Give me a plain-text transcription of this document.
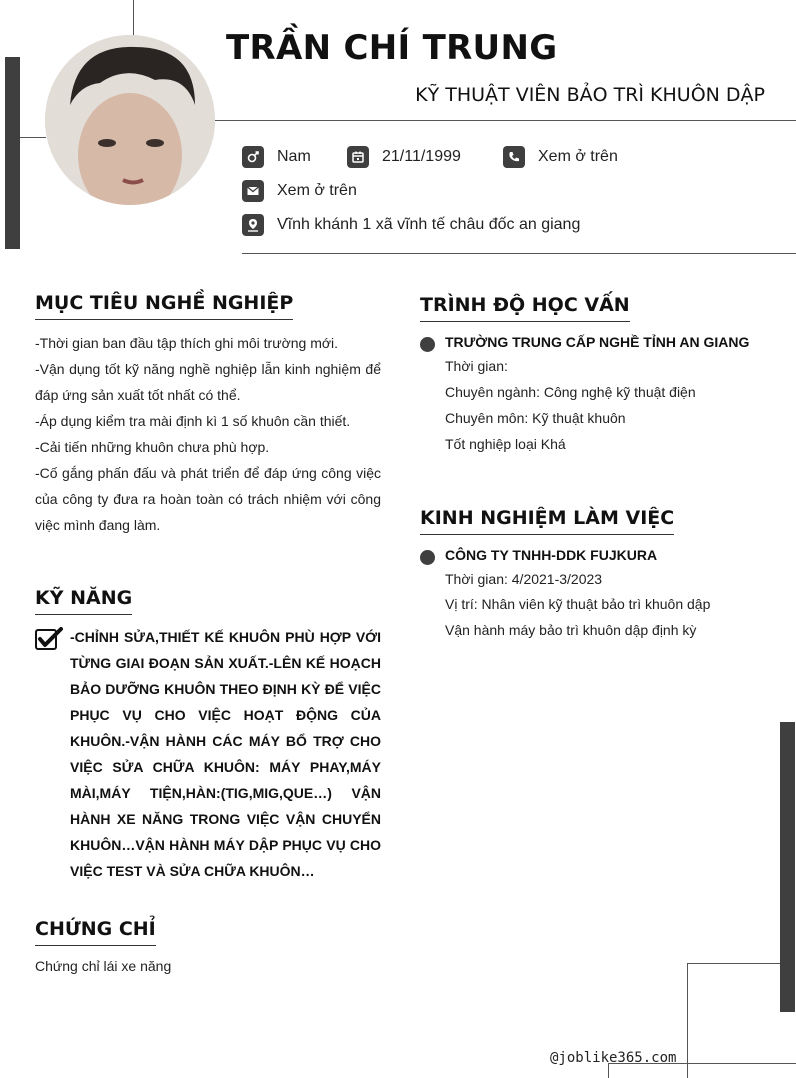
TRẦN CHÍ TRUNG
KỸ THUẬT VIÊN BẢO TRÌ KHUÔN DẬP
Nam	21/11/1999	Xem ở trên
Xem ở trên
Vĩnh khánh 1 xã vĩnh tế châu đốc an giang
MỤC TIÊU NGHỀ NGHIỆP
-Thời gian ban đầu tập thích ghi môi trường mới.
-Vận dụng tốt kỹ năng nghề nghiệp lẫn kinh nghiệm để đáp ứng sản xuất tốt nhất có thể.
-Áp dụng kiểm tra mài định kì 1 số khuôn cần thiết.
-Cải tiến những khuôn chưa phù hợp.
-Cố gắng phấn đấu và phát triển để đáp ứng công việc của công ty đưa ra hoàn toàn có trách nhiệm với công việc mình đang làm.
KỸ NĂNG
-CHỈNH SỬA,THIẾT KẾ KHUÔN PHÙ HỢP VỚI TỪNG GIAI ĐOẠN SẢN XUẤT.-LÊN KẾ HOẠCH BẢO DƯỠNG KHUÔN THEO ĐỊNH KỲ ĐỂ VIỆC PHỤC VỤ CHO VIỆC HOẠT ĐỘNG CỦA KHUÔN.-VẬN HÀNH CÁC MÁY BỔ TRỢ CHO VIỆC SỬA CHỮA KHUÔN: MÁY PHAY,MÁY MÀI,MÁY TIỆN,HÀN:(TIG,MIG,QUE…) VẬN HÀNH XE NĂNG TRONG VIỆC VẬN CHUYỂN KHUÔN…VẬN HÀNH MÁY DẬP PHỤC VỤ CHO VIỆC TEST VÀ SỬA CHỮA KHUÔN…
CHỨNG CHỈ
Chứng chỉ lái xe năng
TRÌNH ĐỘ HỌC VẤN
TRƯỜNG TRUNG CẤP NGHỀ TỈNH AN GIANG
Thời gian:
Chuyên ngành: Công nghệ kỹ thuật điện
Chuyên môn: Kỹ thuật khuôn
Tốt nghiệp loại Khá
KINH NGHIỆM LÀM VIỆC
CÔNG TY TNHH-DDK FUJKURA
Thời gian: 4/2021-3/2023
Vị trí: Nhân viên kỹ thuật bảo trì khuôn dập
Vận hành máy bảo trì khuôn dập định kỳ
@joblike365.com
